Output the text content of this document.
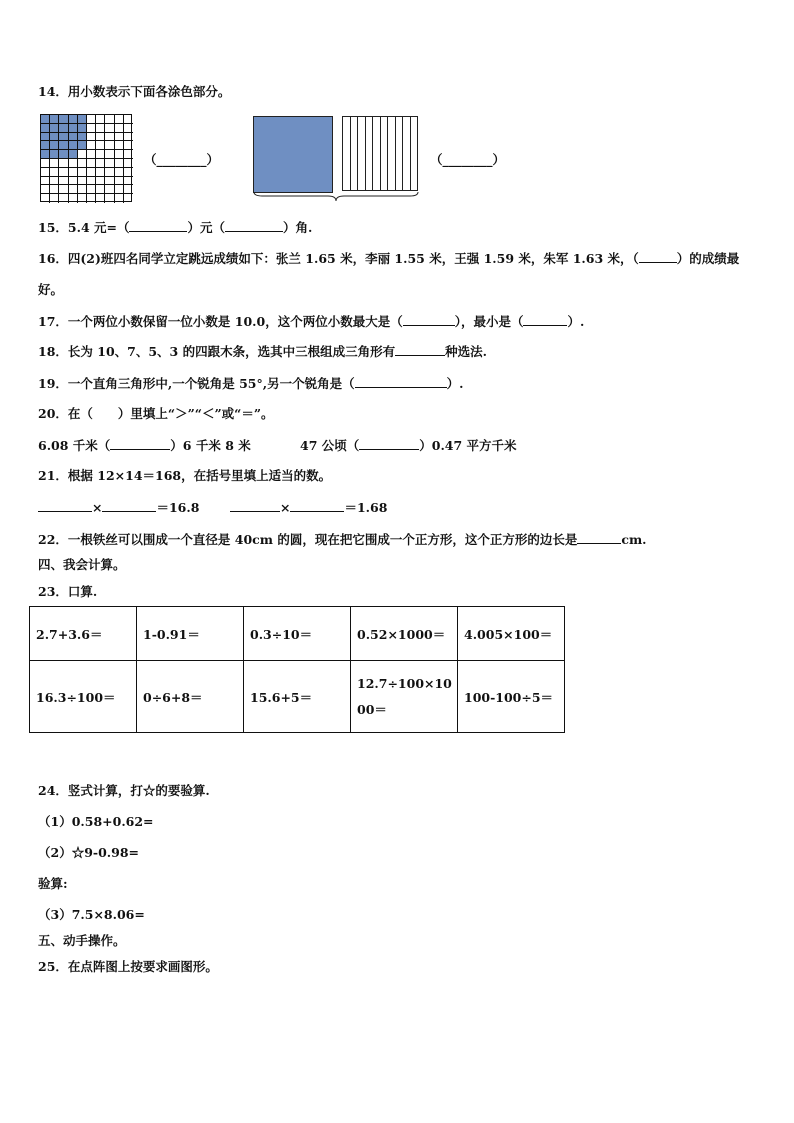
14．用小数表示下面各涂色部分。
（________）	（________）
15．5.4 元=（	）元（	）角.
16．四(2)班四名同学立定跳远成绩如下：张兰 1.65 米，李丽 1.55 米，王强 1.59 米，朱军 1.63 米，（	）的成绩最
好。
17．一个两位小数保留一位小数是 10.0，这个两位小数最大是（	），最小是（	）.
18．长为 10、7、5、3 的四跟木条，选其中三根组成三角形有	种选法.
19．一个直角三角形中,一个锐角是 55°,另一个锐角是（	）.
20．在（　　）里填上“＞”“＜”或“＝”。
6.08 千米（	）6 千米 8 米	47 公顷（	）0.47 平方千米
21．根据 12×14＝168，在括号里填上适当的数。
×	＝16.8	×	＝1.68
22．一根铁丝可以围成一个直径是 40cm 的圆，现在把它围成一个正方形，这个正方形的边长是	cm.
四、我会计算。
23．口算.
2.7+3.6＝	1-0.91＝	0.3÷10＝	0.52×1000＝	4.005×100＝
16.3÷100＝	0÷6+8＝	15.6+5＝	12.7÷100×1000＝	100-100÷5＝
24．竖式计算，打☆的要验算.
（1）0.58+0.62=
（2）☆9-0.98=
验算:
（3）7.5×8.06=
五、动手操作。
25．在点阵图上按要求画图形。
